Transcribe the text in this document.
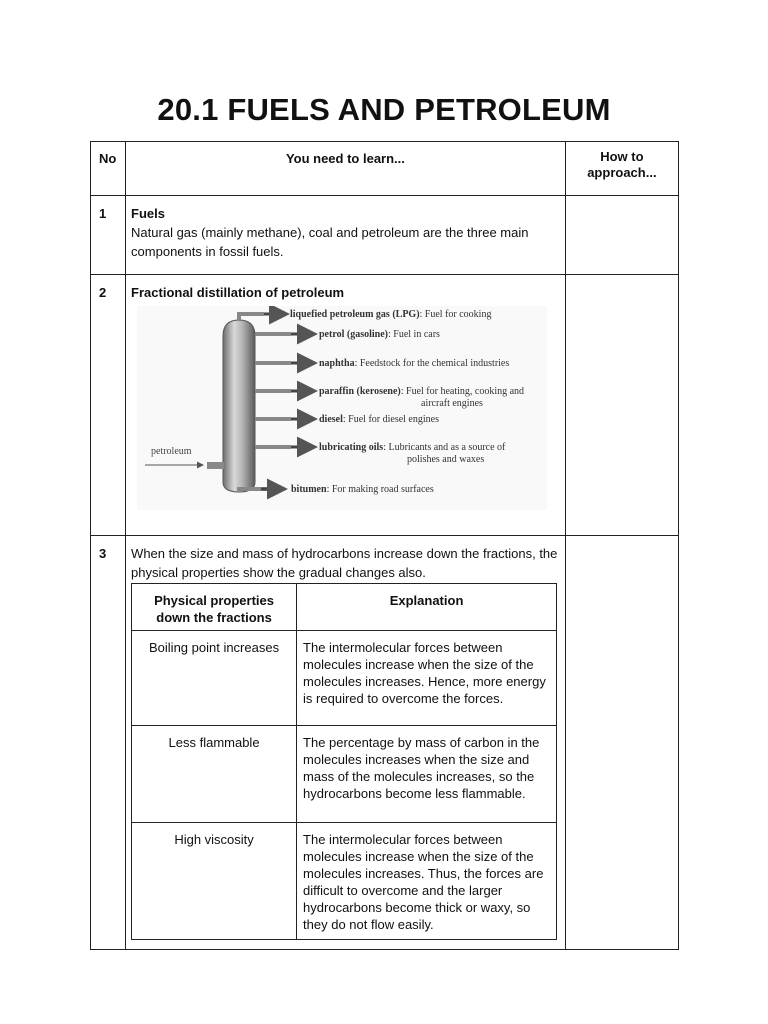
20.1 FUELS AND PETROLEUM
No	You need to learn...	How to approach...
1	Fuels
Natural gas (mainly methane), coal and petroleum are the three main components in fossil fuels.

2	Fractional distillation of petroleum
petroleum
liquefied petroleum gas (LPG): Fuel for cooking
petrol (gasoline): Fuel in cars
naphtha: Feedstock for the chemical industries
paraffin (kerosene): Fuel for heating, cooking and
aircraft engines
diesel: Fuel for diesel engines
lubricating oils: Lubricants and as a source of
polishes and waxes
bitumen: For making road surfaces

3	When the size and mass of hydrocarbons increase down the fractions, the physical properties show the gradual changes also.
Physical properties down the fractions	Explanation
Boiling point increases	The intermolecular forces between molecules increase when the size of the molecules increases. Hence, more energy is required to overcome the forces.
Less flammable	The percentage by mass of carbon in the molecules increases when the size and mass of the molecules increases, so the hydrocarbons become less flammable.
High viscosity	The intermolecular forces between molecules increase when the size of the molecules increases. Thus, the forces are difficult to overcome and the larger hydrocarbons become thick or waxy, so they do not flow easily.
